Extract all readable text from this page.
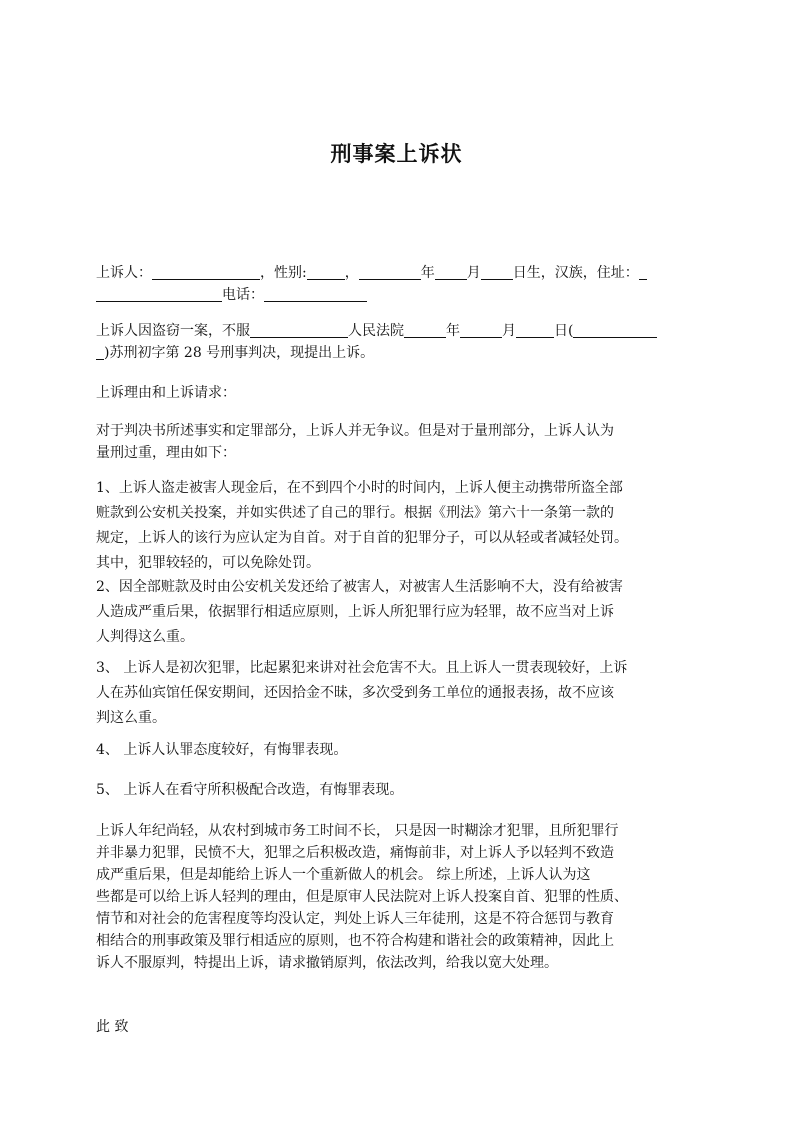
刑事案上诉状
上诉人：	，性别:	，	年 月 日生，汉族，住址：
电话：
上诉人因盗窃一案，不服	人民法院	年	月	日(
)苏刑初字第 28 号刑事判决，现提出上诉。
上诉理由和上诉请求：
对于判决书所述事实和定罪部分，上诉人并无争议。但是对于量刑部分，上诉人认为
量刑过重，理由如下：
1、上诉人盗走被害人现金后，在不到四个小时的时间内，上诉人便主动携带所盗全部
赃款到公安机关投案，并如实供述了自己的罪行。根据《刑法》第六十一条第一款的
规定，上诉人的该行为应认定为自首。对于自首的犯罪分子，可以从轻或者减轻处罚。
其中，犯罪较轻的，可以免除处罚。
2、因全部赃款及时由公安机关发还给了被害人，对被害人生活影响不大，没有给被害
人造成严重后果，依据罪行相适应原则，上诉人所犯罪行应为轻罪，故不应当对上诉
人判得这么重。
3、 上诉人是初次犯罪，比起累犯来讲对社会危害不大。且上诉人一贯表现较好，上诉
人在苏仙宾馆任保安期间，还因拾金不昧，多次受到务工单位的通报表扬，故不应该
判这么重。
4、 上诉人认罪态度较好，有悔罪表现。
5、 上诉人在看守所积极配合改造，有悔罪表现。
上诉人年纪尚轻，从农村到城市务工时间不长， 只是因一时糊涂才犯罪，且所犯罪行
并非暴力犯罪，民愤不大，犯罪之后积极改造，痛悔前非，对上诉人予以轻判不致造
成严重后果，但是却能给上诉人一个重新做人的机会。 综上所述，上诉人认为这
些都是可以给上诉人轻判的理由，但是原审人民法院对上诉人投案自首、犯罪的性质、
情节和对社会的危害程度等均没认定，判处上诉人三年徒刑，这是不符合惩罚与教育
相结合的刑事政策及罪行相适应的原则，也不符合构建和谐社会的政策精神，因此上
诉人不服原判，特提出上诉，请求撤销原判，依法改判，给我以宽大处理。
此 致
